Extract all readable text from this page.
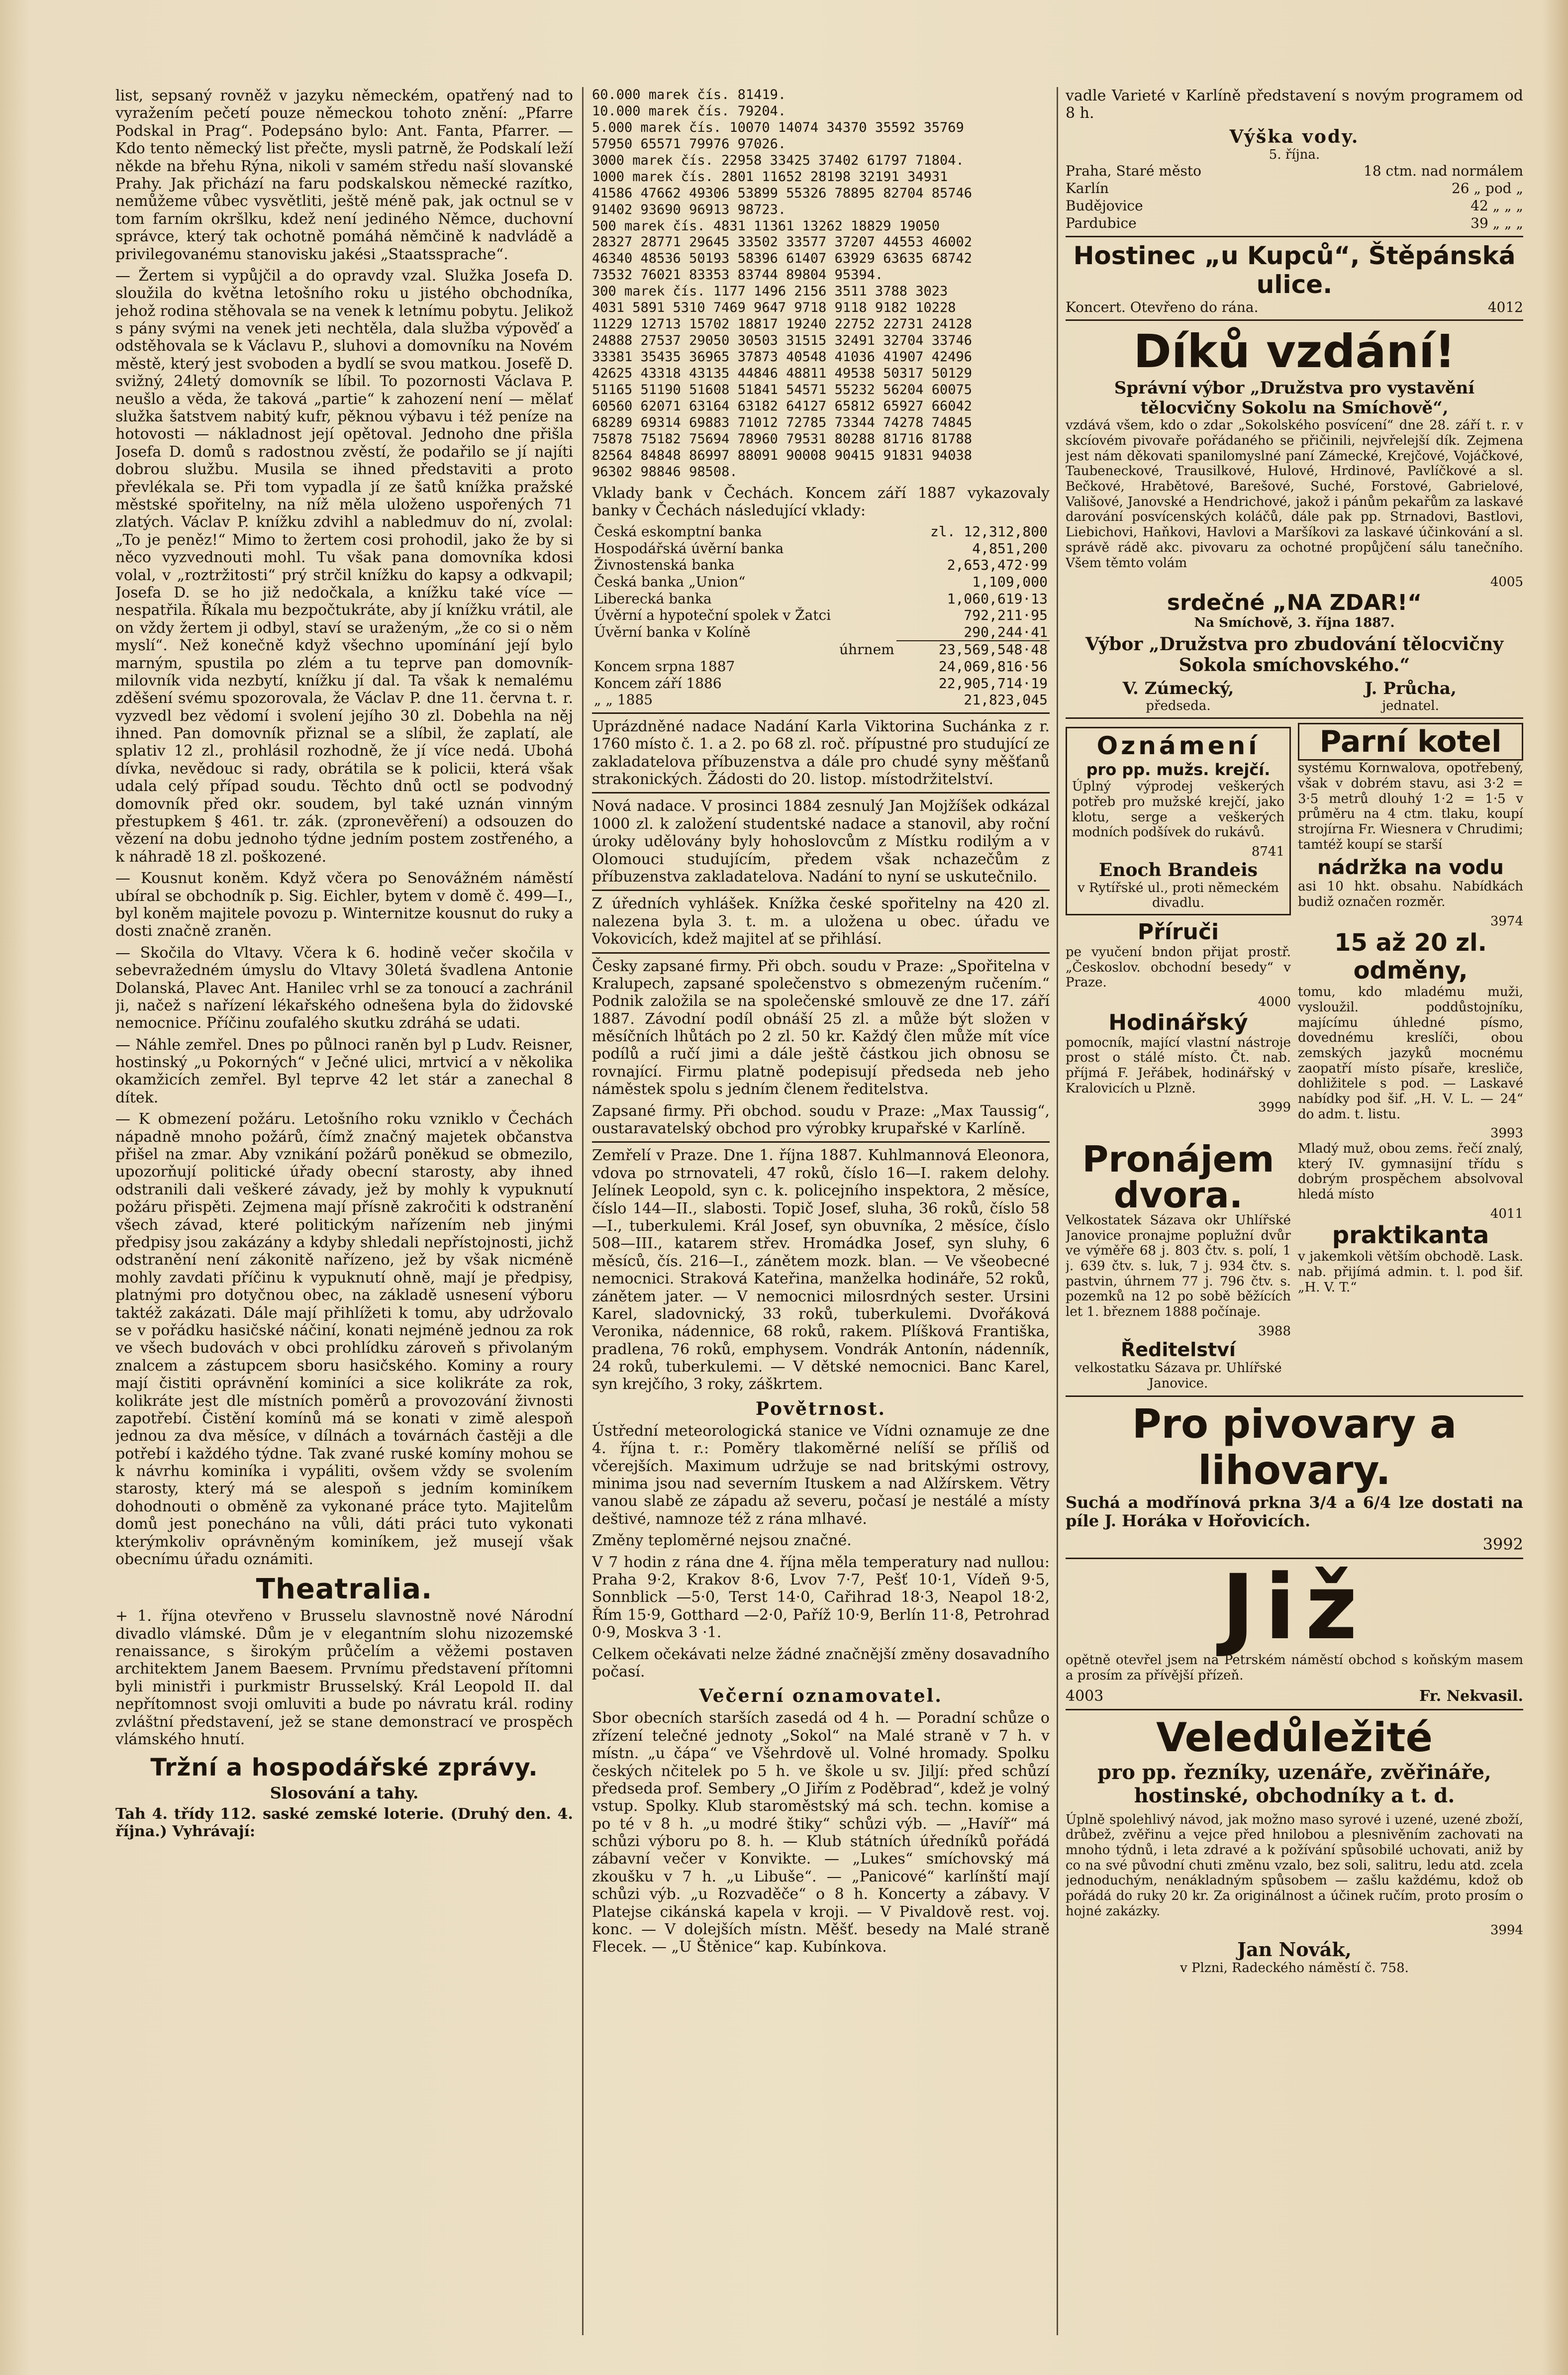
list, sepsaný rovněž v jazyku německém, opatřený nad to vyražením pečetí pouze německou tohoto znění: „Pfarre Podskal in Prag“. Podepsáno bylo: Ant. Fanta, Pfarrer. — Kdo tento německý list přečte, mysli patrně, že Podskalí leží někde na břehu Rýna, nikoli v samém středu naší slovanské Prahy. Jak přichází na faru podskalskou německé razítko, nemůžeme vůbec vysvětliti, ještě méně pak, jak octnul se v tom farním okršlku, kdež není jediného Němce, duchovní správce, který tak ochotně pomáhá němčině k nadvládě a privilegovanému stanovisku jakési „Staatssprache“.

— Žertem si vypůjčil a do opravdy vzal. Služka Josefa D. sloužila do května letošního roku u jistého obchodníka, jehož rodina stěhovala se na venek k letnímu pobytu. Jelikož s pány svými na venek jeti nechtěla, dala služba výpověď a odstěhovala se k Václavu P., sluhovi a domovníku na Novém městě, který jest svoboden a bydlí se svou matkou. Josefě D. svižný, 24letý domovník se líbil. To pozornosti Václava P. neušlo a věda, že taková „partie“ k zahození není — mělať služka šatstvem nabitý kufr, pěknou výbavu i též peníze na hotovosti — nákladnost její opětoval. Jednoho dne přišla Josefa D. domů s radostnou zvěstí, že podařilo se jí najíti dobrou službu. Musila se ihned představiti a proto převlékala se. Při tom vypadla jí ze šatů knížka pražské městské spořitelny, na níž měla uloženo uspořených 71 zlatých. Václav P. knížku zdvihl a nabledmuv do ní, zvolal: „To je peněz!“ Mimo to žertem cosi prohodil, jako že by si něco vyzvednouti mohl. Tu však pana domovníka kdosi volal, v „roztržitosti“ prý strčil knížku do kapsy a odkvapil; Josefa D. se ho již nedočkala, a knížku také více — nespatřila. Říkala mu bezpočtukráte, aby jí knížku vrátil, ale on vždy žertem ji odbyl, staví se uraženým, „že co si o něm myslí“. Než konečně když všechno upomínání její bylo marným, spustila po zlém a tu teprve pan domovník-milovník vida nezbytí, knížku jí dal. Ta však k nemalému zděšení svému spozorovala, že Václav P. dne 11. června t. r. vyzvedl bez vědomí i svolení jejího 30 zl. Dobehla na něj ihned. Pan domovník přiznal se a slíbil, že zaplatí, ale splativ 12 zl., prohlásil rozhodně, že jí více nedá. Ubohá dívka, nevědouc si rady, obrátila se k policii, která však udala celý případ soudu. Těchto dnů octl se podvodný domovník před okr. soudem, byl také uznán vinným přestupkem § 461. tr. zák. (zpronevěření) a odsouzen do vězení na dobu jednoho týdne jedním postem zostřeného, a k náhradě 18 zl. poškozené.

— Kousnut koněm. Když včera po Senovážném náměstí ubíral se obchodník p. Sig. Eichler, bytem v domě č. 499—I., byl koněm majitele povozu p. Winternitze kousnut do ruky a dosti značně zraněn.

— Skočila do Vltavy. Včera k 6. hodině večer skočila v sebevražedném úmyslu do Vltavy 30letá švadlena Antonie Dolanská, Plavec Ant. Hanilec vrhl se za tonoucí a zachránil ji, načež s nařízení lékařského odnešena byla do židovské nemocnice. Příčinu zoufalého skutku zdráhá se udati.

— Náhle zemřel. Dnes po půlnoci raněn byl p Ludv. Reisner, hostinský „u Pokorných“ v Ječné ulici, mrtvicí a v několika okamžicích zemřel. Byl teprve 42 let stár a zanechal 8 dítek.

— K obmezení požáru. Letošního roku vzniklo v Čechách nápadně mnoho požárů, čímž značný majetek občanstva přišel na zmar. Aby vznikání požárů poněkud se obmezilo, upozorňují politické úřady obecní starosty, aby ihned odstranili dali veškeré závady, jež by mohly k vypuknutí požáru přispěti. Zejmena mají přísně zakročiti k odstranění všech závad, které politickým nařízením neb jinými předpisy jsou zakázány a kdyby shledali nepřístojnosti, jichž odstranění není zákonitě nařízeno, jež by však nicméně mohly zavdati příčinu k vypuknutí ohně, mají je předpisy, platnými pro dotyčnou obec, na základě usnesení výboru taktéž zakázati. Dále mají přihlížeti k tomu, aby udržovalo se v pořádku hasičské náčiní, konati nejméně jednou za rok ve všech budovách v obci prohlídku zároveň s přivolaným znalcem a zástupcem sboru hasičského. Kominy a roury mají čistiti oprávnění kominíci a sice kolikráte za rok, kolikráte jest dle místních poměrů a provozování živnosti zapotřebí. Čistění komínů má se konati v zimě alespoň jednou za dva měsíce, v dílnách a továrnách častěji a dle potřebí i každého týdne. Tak zvané ruské komíny mohou se k návrhu kominíka i vypáliti, ovšem vždy se svolením starosty, který má se alespoň s jedním kominíkem dohodnouti o obměně za vykonané práce tyto. Majitelům domů jest ponecháno na vůli, dáti práci tuto vykonati kterýmkoliv oprávněným kominíkem, jež musejí však obecnímu úřadu oznámiti.

Theatralia.

+ 1. října otevřeno v Brusselu slavnostně nové Národní divadlo vlámské. Dům je v elegantním slohu nizozemské renaissance, s širokým průčelím a věžemi postaven architektem Janem Baesem. Prvnímu představení přítomni byli ministři i purkmistr Brusselský. Král Leopold II. dal nepřítomnost svoji omluviti a bude po návratu král. rodiny zvláštní představení, jež se stane demonstrací ve prospěch vlámského hnutí.

Tržní a hospodářské zprávy.
Slosování a tahy.

Tah 4. třídy 112. saské zemské loterie. (Druhý den. 4. října.) Vyhrávají:

60.000 marek čís. 81419.
10.000 marek čís. 79204.
5.000 marek čís. 10070 14074 34370 35592 35769
57950 65571 79976 97026.
3000 marek čís. 22958 33425 37402 61797 71804.
1000 marek čís. 2801 11652 28198 32191 34931
41586 47662 49306 53899 55326 78895 82704 85746
91402 93690 96913 98723.
500 marek čís. 4831 11361 13262 18829 19050
28327 28771 29645 33502 33577 37207 44553 46002
46340 48536 50193 58396 61407 63929 63635 68742
73532 76021 83353 83744 89804 95394.
300 marek čís. 1177 1496 2156 3511 3788 3023
4031 5891 5310 7469 9647 9718 9118 9182 10228
11229 12713 15702 18817 19240 22752 22731 24128
24888 27537 29050 30503 31515 32491 32704 33746
33381 35435 36965 37873 40548 41036 41907 42496
42625 43318 43135 44846 48811 49538 50317 50129
51165 51190 51608 51841 54571 55232 56204 60075
60560 62071 63164 63182 64127 65812 65927 66042
68289 69314 69883 71012 72785 73344 74278 74845
75878 75182 75694 78960 79531 80288 81716 81788
82564 84848 86997 88091 90008 90415 91831 94038
96302 98846 98508.

Vklady bank v Čechách. Koncem září 1887 vykazovaly banky v Čechách následující vklady:

Česká eskomptní banka	zl. 12,312,800
Hospodářská úvěrní banka	4,851,200
Živnostenská banka	2,653,472·99
Česká banka „Union“	1,109,000
Liberecká banka	1,060,619·13
Úvěrní a hypoteční spolek v Žatci	792,211·95
Úvěrní banka v Kolíně	290,244·41
úhrnem	23,569,548·48
Koncem srpna 1887	24,069,816·56
Koncem září 1886	22,905,714·19
„ „ 1885	21,823,045

Uprázdněné nadace Nadání Karla Viktorina Suchánka z r. 1760 místo č. 1. a 2. po 68 zl. roč. přípustné pro studující ze zakladatelova příbuzenstva a dále pro chudé syny měšťanů strakonických. Žádosti do 20. listop. místodržitelství.

Nová nadace. V prosinci 1884 zesnulý Jan Mojžíšek odkázal 1000 zl. k založení studentské nadace a stanovil, aby roční úroky udělovány byly hohoslovcům z Místku rodilým a v Olomouci studujícím, předem však nchazečům z příbuzenstva zakladatelova. Nadání to nyní se uskutečnilo.

Z úředních vyhlášek. Knížka české spořitelny na 420 zl. nalezena byla 3. t. m. a uložena u obec. úřadu ve Vokovicích, kdež majitel ať se přihlásí.

Česky zapsané firmy. Při obch. soudu v Praze: „Spořitelna v Kralupech, zapsané společenstvo s obmezeným ručením.“ Podnik založila se na společenské smlouvě ze dne 17. září 1887. Závodní podíl obnáší 25 zl. a může být složen v měsíčních lhůtách po 2 zl. 50 kr. Každý člen může mít více podílů a ručí jimi a dále ještě částkou jich obnosu se rovnající. Firmu platně podepisují předseda neb jeho náměstek spolu s jedním členem ředitelstva.

Zapsané firmy. Při obchod. soudu v Praze: „Max Taussig“, oustaravatelský obchod pro výrobky krupařské v Karlíně.

Zemřelí v Praze. Dne 1. října 1887. Kuhlmannová Eleonora, vdova po strnovateli, 47 roků, číslo 16—I. rakem delohy. Jelínek Leopold, syn c. k. policejního inspektora, 2 měsíce, číslo 144—II., slabosti. Topič Josef, sluha, 36 roků, číslo 58—I., tuberkulemi. Král Josef, syn obuvníka, 2 měsíce, číslo 508—III., katarem střev. Hromádka Josef, syn sluhy, 6 měsíců, čís. 216—I., zánětem mozk. blan. — Ve všeobecné nemocnici. Straková Kateřina, manželka hodináře, 52 roků, zánětem jater. — V nemocnici milosrdných sester. Ursini Karel, sladovnický, 33 roků, tuberkulemi. Dvořáková Veronika, nádennice, 68 roků, rakem. Plíšková Františka, pradlena, 76 roků, emphysem. Vondrák Antonín, nádenník, 24 roků, tuberkulemi. — V dětské nemocnici. Banc Karel, syn krejčího, 3 roky, záškrtem.

Povětrnost.

Ústřední meteorologická stanice ve Vídni oznamuje ze dne 4. října t. r.: Poměry tlakoměrné nelíší se příliš od včerejších. Maximum udržuje se nad britskými ostrovy, minima jsou nad severním Ituskem a nad Alžírskem. Větry vanou slabě ze západu až severu, počasí je nestálé a místy deštivé, namnoze též z rána mlhavé.

Změny teploměrné nejsou značné.

V 7 hodin z rána dne 4. října měla temperatury nad nullou: Praha 9·2, Krakov 8·6, Lvov 7·7, Pešť 10·1, Vídeň 9·5, Sonnblick —5·0, Terst 14·0, Cařihrad 18·3, Neapol 18·2, Řím 15·9, Gotthard —2·0, Paříž 10·9, Berlín 11·8, Petrohrad 0·9, Moskva 3 ·1.

Celkem očekávati nelze žádné značnější změny dosavadního počasí.

Večerní oznamovatel.

Sbor obecních starších zasedá od 4 h. — Poradní schůze o zřízení telečné jednoty „Sokol“ na Malé straně v 7 h. v místn. „u čápa“ ve Všehrdově ul. Volné hromady. Spolku českých nčitelek po 5 h. ve škole u sv. Jiljí: před schůzí předseda prof. Sembery „O Jiřím z Poděbrad“, kdež je volný vstup. Spolky. Klub staroměstský má sch. techn. komise a po té v 8 h. „u modré štiky“ schůzi výb. — „Havíř“ má schůzi výboru po 8. h. — Klub státních úředníků pořádá zábavní večer v Konvikte. — „Lukes“ smíchovský má zkoušku v 7 h. „u Libuše“. — „Panicové“ karlínští mají schůzi výb. „u Rozvaděče“ o 8 h. Koncerty a zábavy. V Platejse cikánská kapela v kroji. — V Pivaldově rest. voj. konc. — V dolejších místn. Měšť. besedy na Malé straně Flecek. — „U Štěnice“ kap. Kubínkova.

vadle Varieté v Karlíně představení s novým programem od 8 h.

Výška vody.
5. října.
Praha, Staré město	18 ctm. nad normálem
Karlín	26 „ pod „
Budějovice	42 „ „ „
Pardubice	39 „ „ „
Hostinec „u Kupců“, Štěpánská ulice.
Koncert. Otevřeno do rána.	4012
Díků vzdání!
Správní výbor „Družstva pro vystavění tělocvičny Sokolu na Smíchově“,

vzdává všem, kdo o zdar „Sokolského posvícení“ dne 28. září t. r. v skcíovém pivovaře pořádaného se přičinili, nejvřelejší dík. Zejmena jest nám děkovati spanilomyslné paní Zámecké, Krejčové, Vojáčkové, Taubeneckové, Trausilkové, Hulové, Hrdinové, Pavlíčkové a sl. Bečkové, Hrabětové, Barešové, Suché, Forstové, Gabrielové, Vališové, Janovské a Hendrichové, jakož i pánům pekařům za laskavé darování posvícenských koláčů, dále pak pp. Strnadovi, Bastlovi, Liebichovi, Haňkovi, Havlovi a Maršíkovi za laskavé účinkování a sl. správě rádě akc. pivovaru za ochotné propůjčení sálu tanečního. Všem těmto volám

4005
srdečné „NA ZDAR!“
Na Smíchově, 3. října 1887.
Výbor „Družstva pro zbudování tělocvičny Sokola smíchovského.“
V. Zúmecký,
předseda.
J. Průcha,
jednatel.
Oznámení
pro pp. mužs. krejčí.

Úplný výprodej veškerých potřeb pro mužské krejčí, jako klotu, serge a veškerých modních podšívek do rukávů.

8741
Enoch Brandeis
v Rytířské ul., proti německém divadlu.
Příruči

pe vyučení bndon přijat prostř. „Českoslov. obchodní besedy“ v Praze.

4000
Hodinářský

pomocník, mající vlastní nástroje prost o stálé místo. Čt. nab. příjmá F. Jeřábek, hodinářský v Kralovicích u Plzně.

3999
Parní kotel

systému Kornwalova, opotřebený, však v dobrém stavu, asi 3·2 = 3·5 metrů dlouhý 1·2 = 1·5 v průměru na 4 ctm. tlaku, koupí strojírna Fr. Wiesnera v Chrudimi; tamtéž koupí se starší

nádržka na vodu

asi 10 hkt. obsahu. Nabídkách budiž označen rozměr.

3974
15 až 20 zl. odměny,

tomu, kdo mladému muži, vysloužil. poddůstojníku, majícímu úhledné písmo, dovednému kreslíči, obou zemských jazyků mocnému zaopatří místo písaře, kresliče, dohližitele s pod. — Laskavé nabídky pod šif. „H. V. L. — 24“ do adm. t. listu.

3993
Pronájem dvora.

Velkostatek Sázava okr Uhlířské Janovice pronajme poplužní dvůr ve výměře 68 j. 803 čtv. s. polí, 1 j. 639 čtv. s. luk, 7 j. 934 čtv. s. pastvin, úhrnem 77 j. 796 čtv. s. pozemků na 12 po sobě běžících let 1. březnem 1888 počínaje.

3988
Ředitelství
velkostatku Sázava pr. Uhlířské Janovice.

Mladý muž, obou zems. řečí znalý, který IV. gymnasijní třídu s dobrým prospěchem absolvoval hledá místo

4011
praktikanta

v jakemkoli větším obchodě. Lask. nab. přijímá admin. t. l. pod šif. „H. V. T.“

Pro pivovary a lihovary.

Suchá a modřínová prkna 3/4 a 6/4 lze dostati na píle J. Horáka v Hořovicích.

3992
Již

opětně otevřel jsem na Petrském náměstí obchod s koňským masem a prosím za přívější přízeň.

4003	Fr. Nekvasil.
Veledůležité
pro pp. řezníky, uzenáře, zvěřináře, hostinské, obchodníky a t. d.

Úplně spolehlivý návod, jak možno maso syrové i uzené, uzené zboží, drůbež, zvěřinu a vejce před hnilobou a plesnivěním zachovati na mnoho týdnů, i leta zdravé a k požívání spůsobilé uchovati, aniž by co na své původní chuti změnu vzalo, bez soli, salitru, ledu atd. zcela jednoduchým, nenákladným spůsobem — zašlu každému, kdož ob pořádá do ruky 20 kr. Za originálnost a účinek ručím, proto prosím o hojné zakázky.

3994
Jan Novák,
v Plzni, Radeckého náměstí č. 758.
